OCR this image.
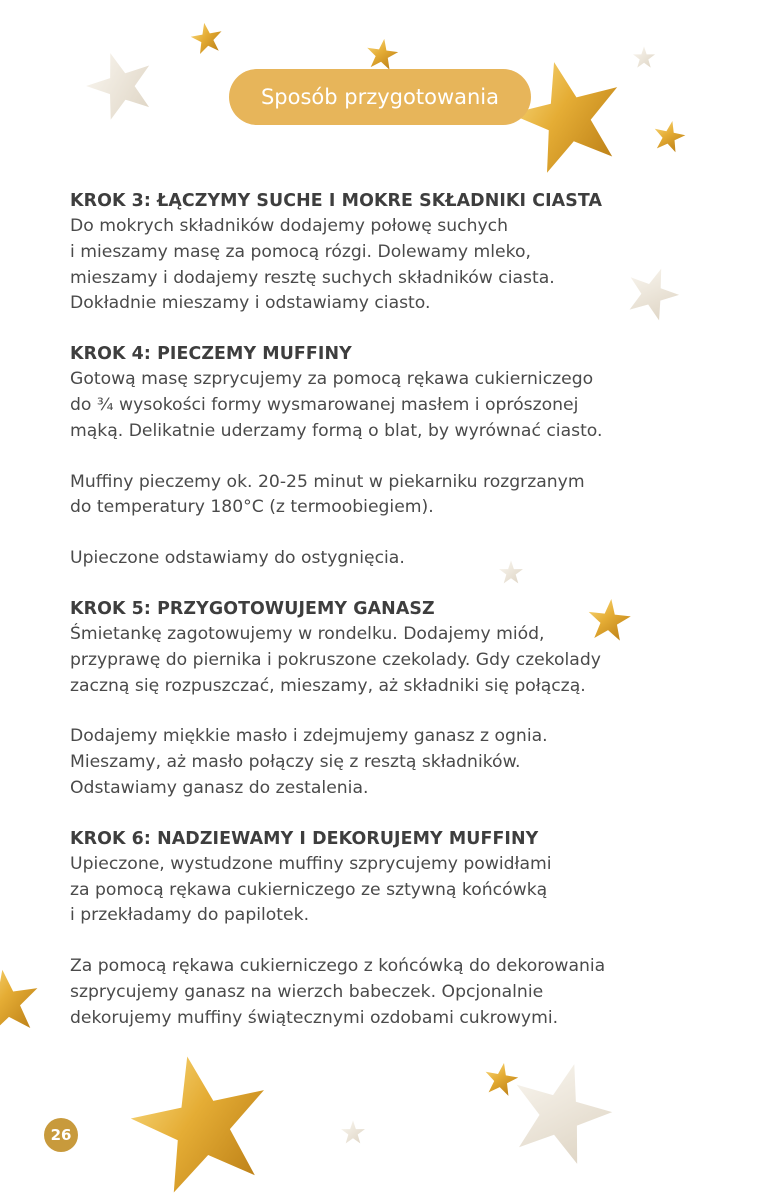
Sposób przygotowania
KROK 3: ŁĄCZYMY SUCHE I MOKRE SKŁADNIKI CIASTA

Do mokrych składników dodajemy połowę suchych
i mieszamy masę za pomocą rózgi. Dolewamy mleko,
mieszamy i dodajemy resztę suchych składników ciasta.
Dokładnie mieszamy i odstawiamy ciasto.

KROK 4: PIECZEMY MUFFINY

Gotową masę szprycujemy za pomocą rękawa cukierniczego
do ¾ wysokości formy wysmarowanej masłem i oprószonej
mąką. Delikatnie uderzamy formą o blat, by wyrównać ciasto.

Muffiny pieczemy ok. 20-25 minut w piekarniku rozgrzanym
do temperatury 180°C (z termoobiegiem).

Upieczone odstawiamy do ostygnięcia.

KROK 5: PRZYGOTOWUJEMY GANASZ

Śmietankę zagotowujemy w rondelku. Dodajemy miód,
przyprawę do piernika i pokruszone czekolady. Gdy czekolady
zaczną się rozpuszczać, mieszamy, aż składniki się połączą.

Dodajemy miękkie masło i zdejmujemy ganasz z ognia.
Mieszamy, aż masło połączy się z resztą składników.
Odstawiamy ganasz do zestalenia.

KROK 6: NADZIEWAMY I DEKORUJEMY MUFFINY

Upieczone, wystudzone muffiny szprycujemy powidłami
za pomocą rękawa cukierniczego ze sztywną końcówką
i przekładamy do papilotek.

Za pomocą rękawa cukierniczego z końcówką do dekorowania
szprycujemy ganasz na wierzch babeczek. Opcjonalnie
dekorujemy muffiny świątecznymi ozdobami cukrowymi.

26
